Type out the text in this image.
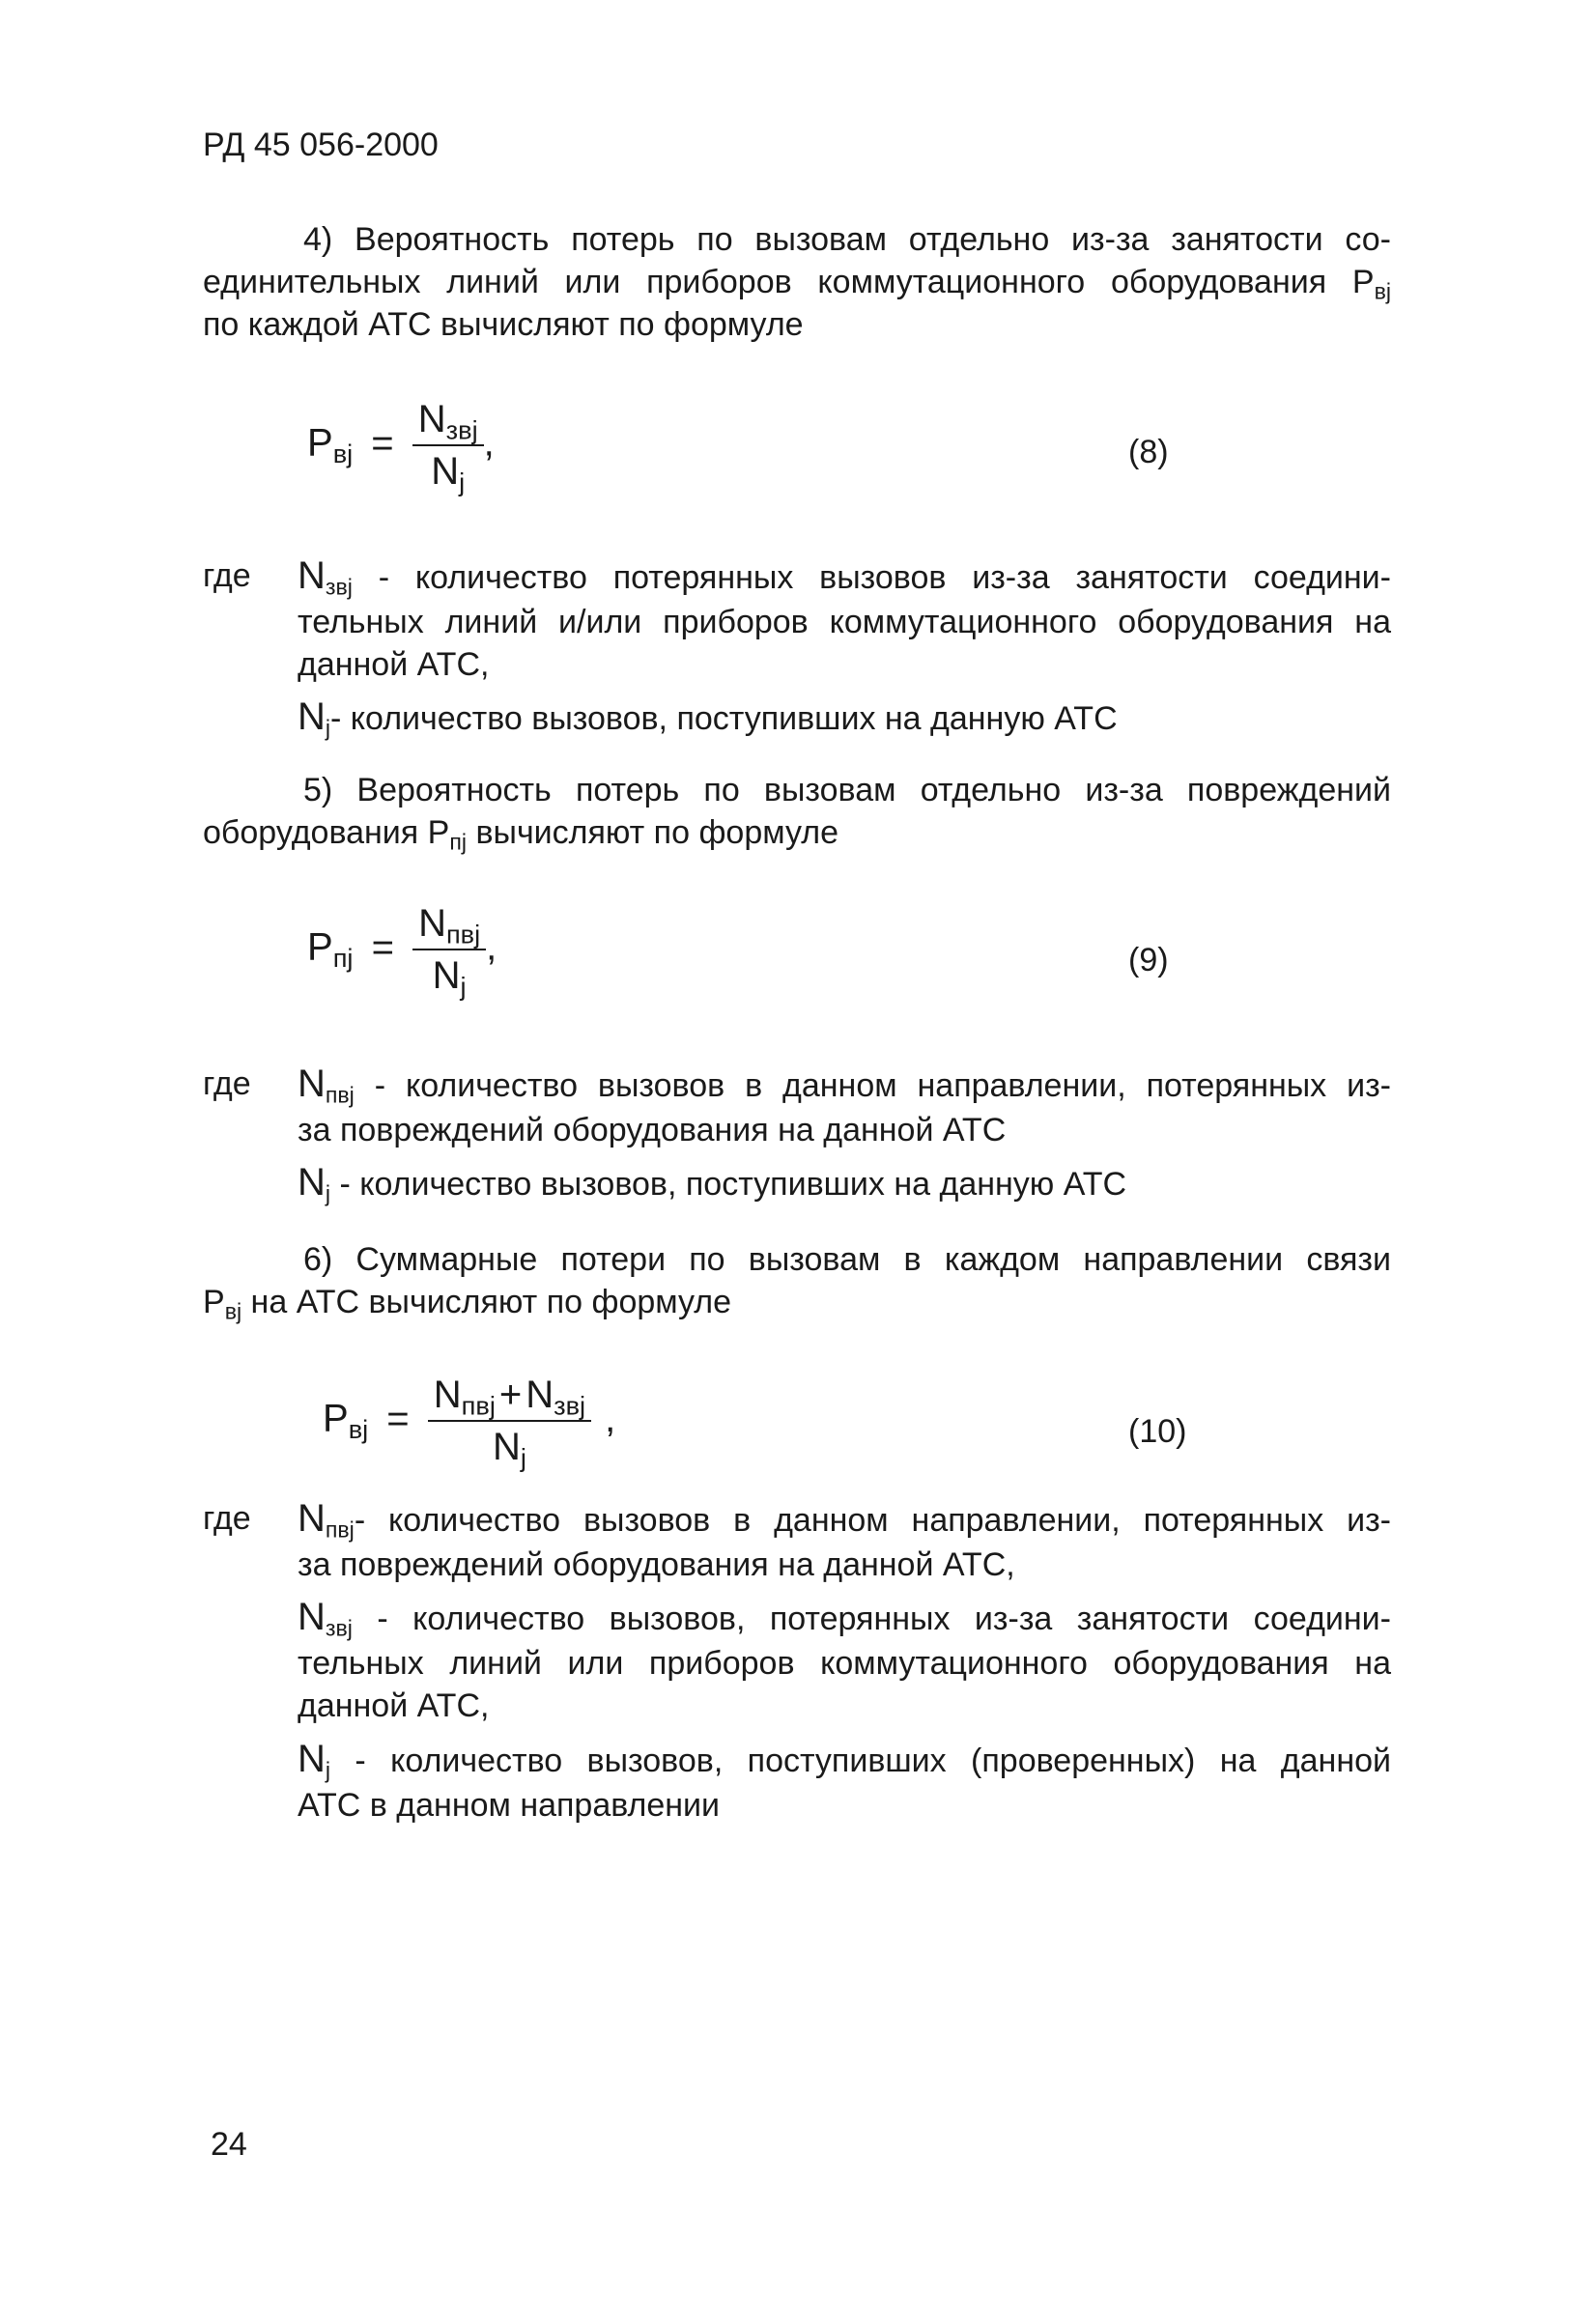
РД 45 056-2000
4) Вероятность потерь по вызовам отдельно из-за занятости со-
единительных линий или приборов коммутационного оборудования $P_{вj}$
по каждой АТС вычисляют по формуле
$P_{вj} = \frac{N_{звj}}{N_j}$ ,	(8)
где $N_{звj}$ - количество потерянных вызовов из-за занятости соедини-
тельных линий и/или приборов коммутационного оборудования на
данной АТС,

$N_j-$ количество вызовов, поступивших на данную АТС

5) Вероятность потерь по вызовам отдельно из-за повреждений
оборудования $P_{пj}$ вычисляют по формуле
$P_{пj} = \frac{N_{пвj}}{N_j}$ ,	(9)
где $N_{пвj}$ - количество вызовов в данном направлении, потерянных из-
за повреждений оборудования на данной АТС

$N_j$ - количество вызовов, поступивших на данную АТС

6) Суммарные потери по вызовам в каждом направлении связи
$P_{вj}$ на АТС вычисляют по формуле
$P_{вj} = \frac{N_{пвj} + N_{звj}}{N_j}$ ,	(10)
где $N_{пвj}-$ количество вызовов в данном направлении, потерянных из-
за повреждений оборудования на данной АТС,

$N_{звj}$ - количество вызовов, потерянных из-за занятости соедини-
тельных линий или приборов коммутационного оборудования на
данной АТС,

$N_j$ - количество вызовов, поступивших (проверенных) на данной
АТС в данном направлении

24
